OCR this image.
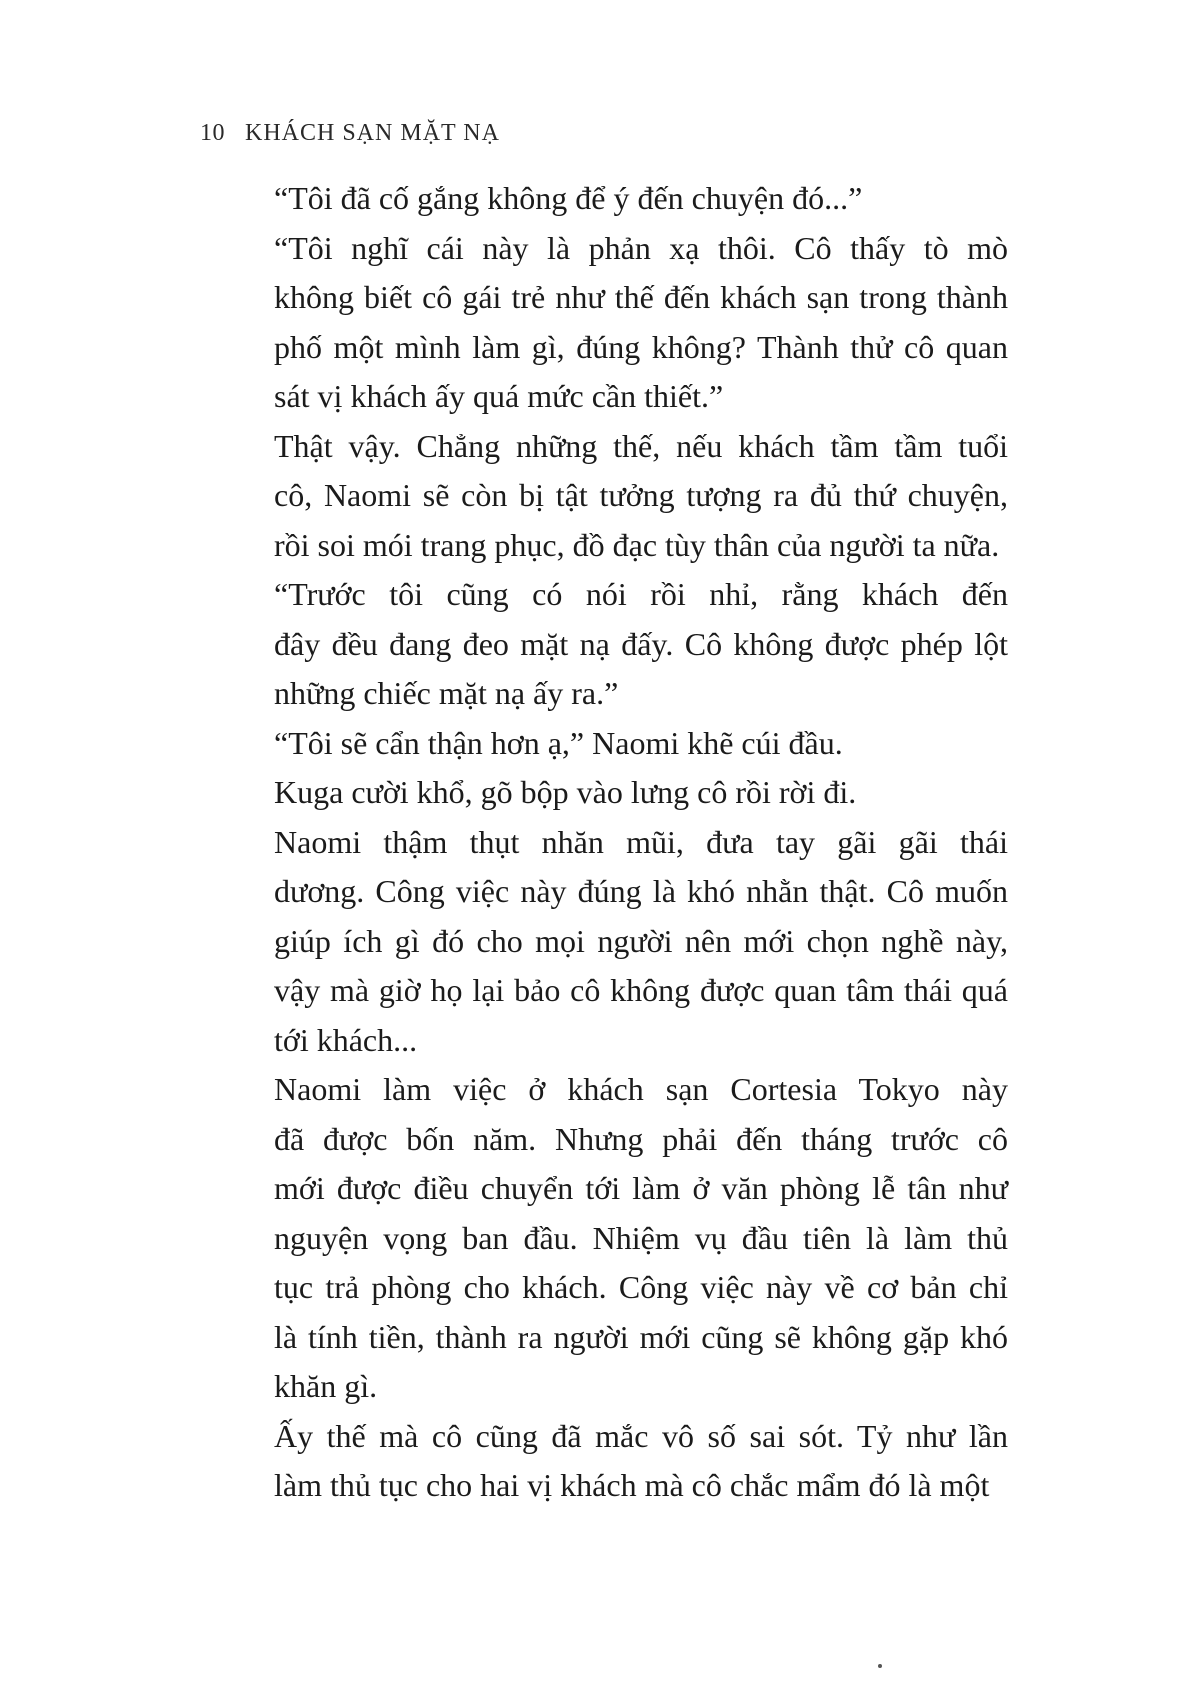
10 KHÁCH SẠN MẶT NẠ

“Tôi đã cố gắng không để ý đến chuyện đó...”

“Tôi nghĩ cái này là phản xạ thôi. Cô thấy tò mò
không biết cô gái trẻ như thế đến khách sạn trong thành
phố một mình làm gì, đúng không? Thành thử cô quan
sát vị khách ấy quá mức cần thiết.”

Thật vậy. Chẳng những thế, nếu khách tầm tầm tuổi
cô, Naomi sẽ còn bị tật tưởng tượng ra đủ thứ chuyện,
rồi soi mói trang phục, đồ đạc tùy thân của người ta nữa.

“Trước tôi cũng có nói rồi nhỉ, rằng khách đến
đây đều đang đeo mặt nạ đấy. Cô không được phép lột
những chiếc mặt nạ ấy ra.”

“Tôi sẽ cẩn thận hơn ạ,” Naomi khẽ cúi đầu.

Kuga cười khổ, gõ bộp vào lưng cô rồi rời đi.

Naomi thậm thụt nhăn mũi, đưa tay gãi gãi thái
dương. Công việc này đúng là khó nhằn thật. Cô muốn
giúp ích gì đó cho mọi người nên mới chọn nghề này,
vậy mà giờ họ lại bảo cô không được quan tâm thái quá
tới khách...

Naomi làm việc ở khách sạn Cortesia Tokyo này
đã được bốn năm. Nhưng phải đến tháng trước cô
mới được điều chuyển tới làm ở văn phòng lễ tân như
nguyện vọng ban đầu. Nhiệm vụ đầu tiên là làm thủ
tục trả phòng cho khách. Công việc này về cơ bản chỉ
là tính tiền, thành ra người mới cũng sẽ không gặp khó
khăn gì.

Ấy thế mà cô cũng đã mắc vô số sai sót. Tỷ như lần
làm thủ tục cho hai vị khách mà cô chắc mẩm đó là một
